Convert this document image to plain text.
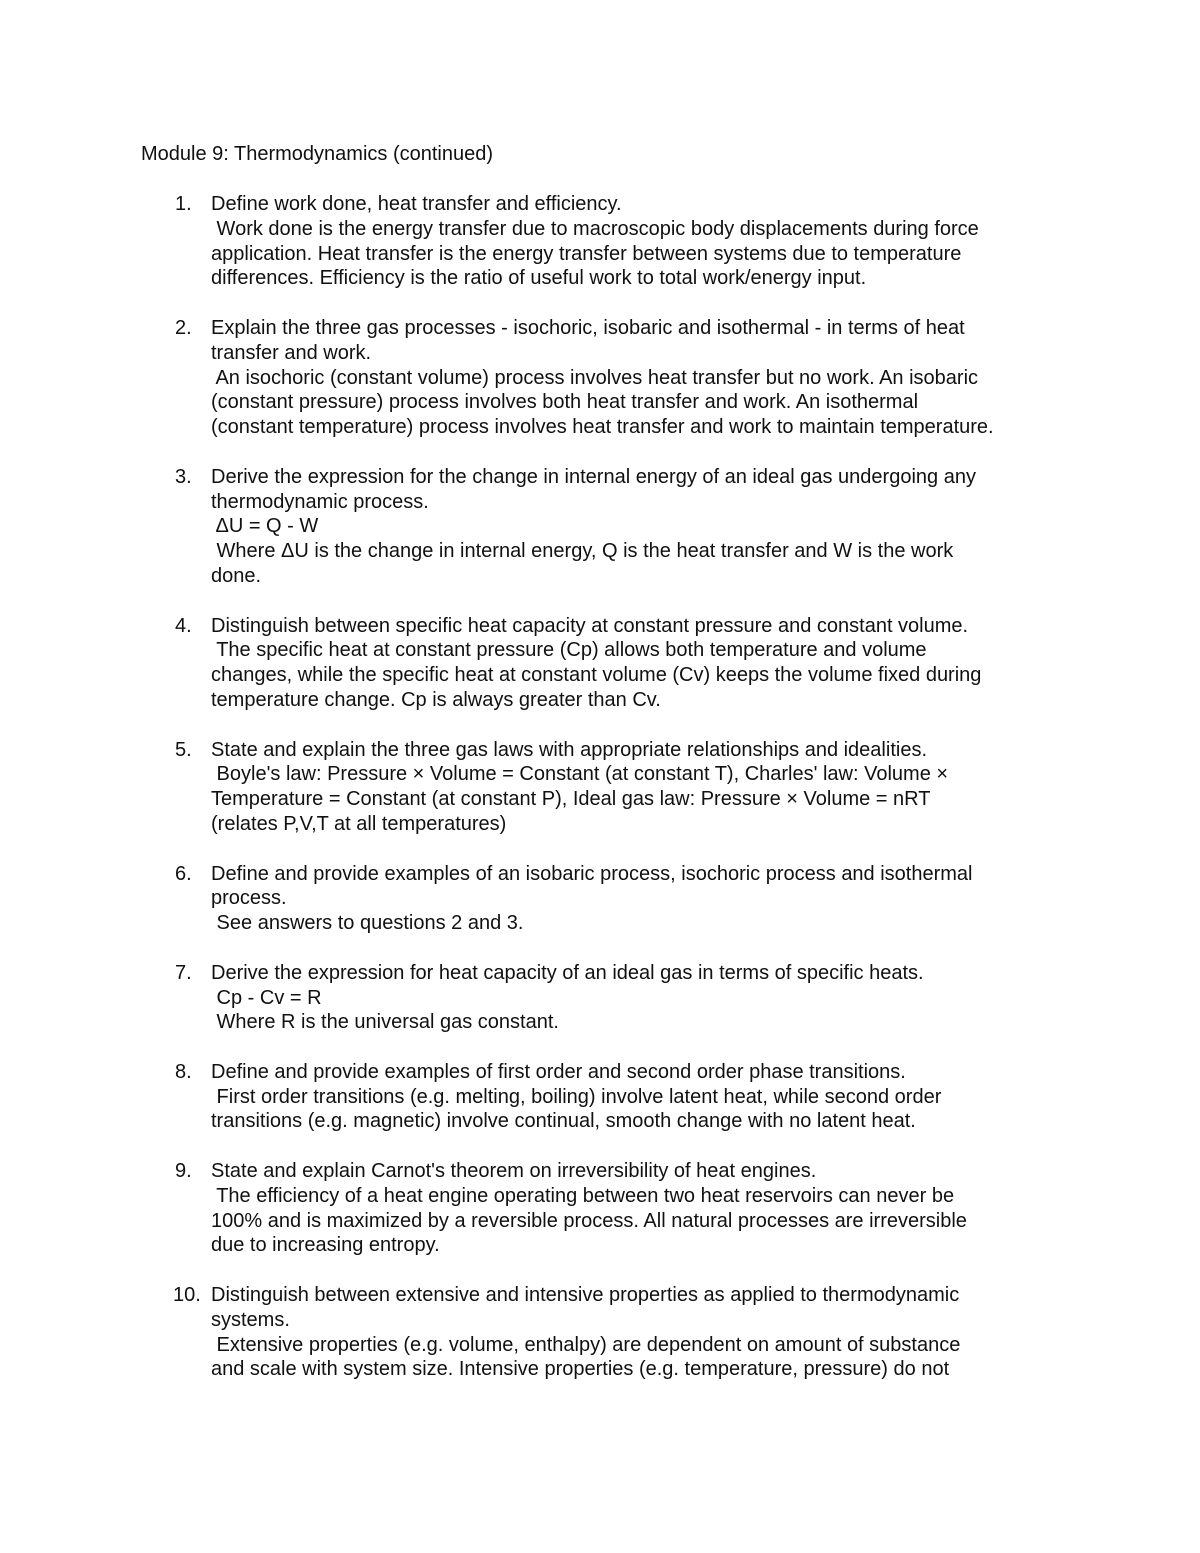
Module 9: Thermodynamics (continued)
1. Define work done, heat transfer and efficiency.
Work done is the energy transfer due to macroscopic body displacements during force
application. Heat transfer is the energy transfer between systems due to temperature
differences. Efficiency is the ratio of useful work to total work/energy input.
2. Explain the three gas processes - isochoric, isobaric and isothermal - in terms of heat
transfer and work.
An isochoric (constant volume) process involves heat transfer but no work. An isobaric
(constant pressure) process involves both heat transfer and work. An isothermal
(constant temperature) process involves heat transfer and work to maintain temperature.
3. Derive the expression for the change in internal energy of an ideal gas undergoing any
thermodynamic process.
ΔU = Q - W
Where ΔU is the change in internal energy, Q is the heat transfer and W is the work
done.
4. Distinguish between specific heat capacity at constant pressure and constant volume.
The specific heat at constant pressure (Cp) allows both temperature and volume
changes, while the specific heat at constant volume (Cv) keeps the volume fixed during
temperature change. Cp is always greater than Cv.
5. State and explain the three gas laws with appropriate relationships and idealities.
Boyle's law: Pressure × Volume = Constant (at constant T), Charles' law: Volume ×
Temperature = Constant (at constant P), Ideal gas law: Pressure × Volume = nRT
(relates P,V,T at all temperatures)
6. Define and provide examples of an isobaric process, isochoric process and isothermal
process.
See answers to questions 2 and 3.
7. Derive the expression for heat capacity of an ideal gas in terms of specific heats.
Cp - Cv = R
Where R is the universal gas constant.
8. Define and provide examples of first order and second order phase transitions.
First order transitions (e.g. melting, boiling) involve latent heat, while second order
transitions (e.g. magnetic) involve continual, smooth change with no latent heat.
9. State and explain Carnot's theorem on irreversibility of heat engines.
The efficiency of a heat engine operating between two heat reservoirs can never be
100% and is maximized by a reversible process. All natural processes are irreversible
due to increasing entropy.
10. Distinguish between extensive and intensive properties as applied to thermodynamic
systems.
Extensive properties (e.g. volume, enthalpy) are dependent on amount of substance
and scale with system size. Intensive properties (e.g. temperature, pressure) do not
